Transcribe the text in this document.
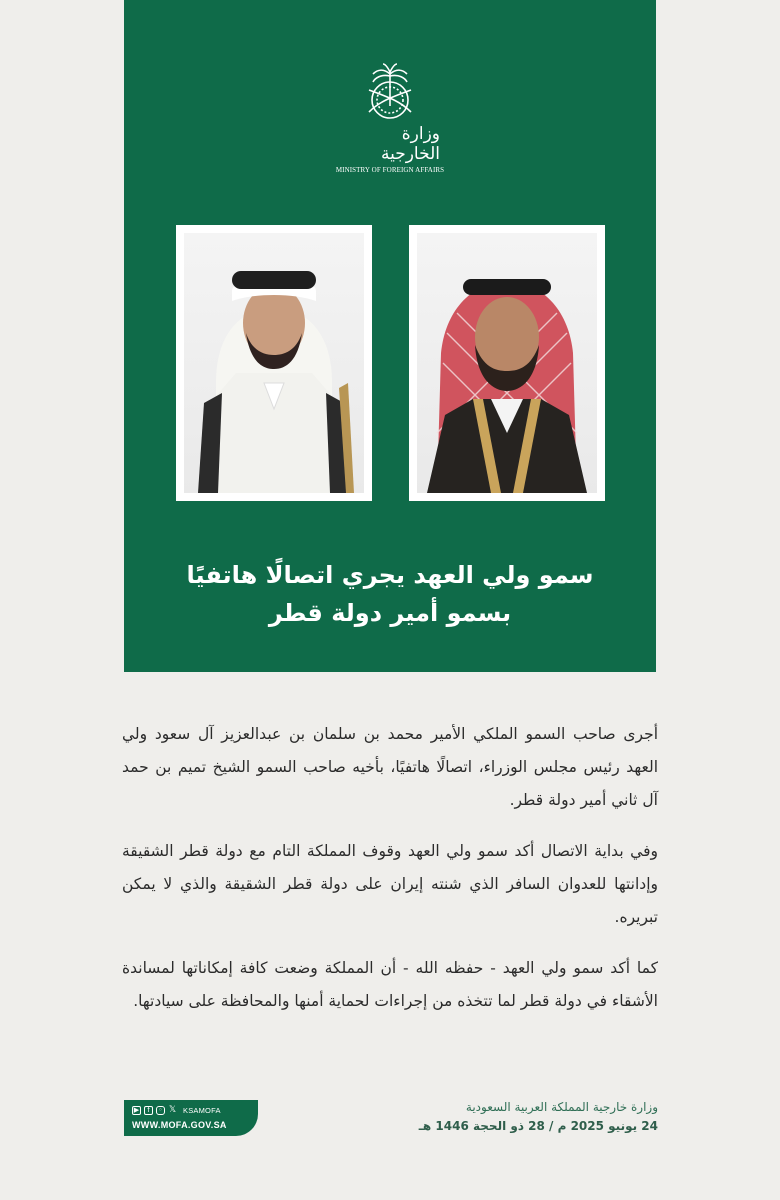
وزارة الخارجية
MINISTRY OF FOREIGN AFFAIRS
سمو ولي العهد يجري اتصالًا هاتفيًا
بسمو أمير دولة قطر

أجرى صاحب السمو الملكي الأمير محمد بن سلمان بن عبدالعزيز آل سعود ولي العهد رئيس مجلس الوزراء، اتصالًا هاتفيًا، بأخيه صاحب السمو الشيخ تميم بن حمد آل ثاني أمير دولة قطر.

وفي بداية الاتصال أكد سمو ولي العهد وقوف المملكة التام مع دولة قطر الشقيقة وإدانتها للعدوان السافر الذي شنته إيران على دولة قطر الشقيقة والذي لا يمكن تبريره.

كما أكد سمو ولي العهد - حفظه الله - أن المملكة وضعت كافة إمكاناتها لمساندة الأشقاء في دولة قطر لما تتخذه من إجراءات لحماية أمنها والمحافظة على سيادتها.

▶	f	◦ 𝕏 KSAMOFA
WWW.MOFA.GOV.SA
وزارة خارجية المملكة العربية السعودية
24 يونيو 2025 م / 28 ذو الحجة 1446 هـ
